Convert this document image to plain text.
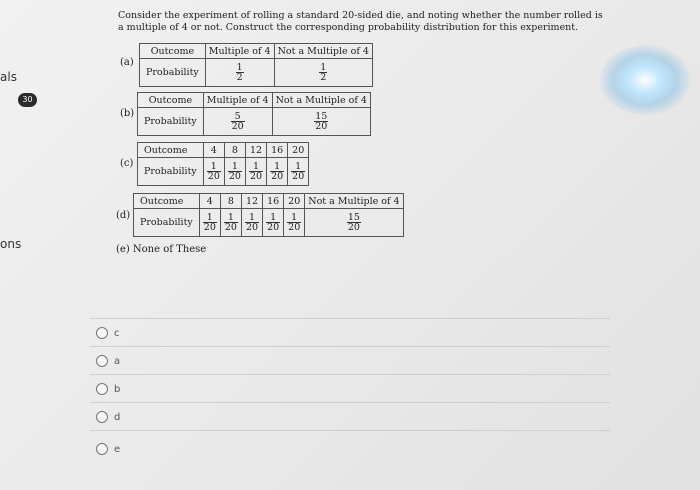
als
30
ons
Consider the experiment of rolling a standard 20-sided die, and noting whether the number rolled is a multiple of 4 or not. Construct the corresponding probability distribution for this experiment.
(a)
Outcome	Multiple of 4	Not a Multiple of 4
Probability	$\frac{1}{2}$	$\frac{1}{2}$
(b)
Outcome	Multiple of 4	Not a Multiple of 4
Probability	$\frac{5}{20}$	$\frac{15}{20}$
(c)
Outcome	4	8	12	16	20
Probability	$\frac{1}{20}$	$\frac{1}{20}$	$\frac{1}{20}$	$\frac{1}{20}$	$\frac{1}{20}$
(d)
Outcome	4	8	12	16	20	Not a Multiple of 4
Probability	$\frac{1}{20}$	$\frac{1}{20}$	$\frac{1}{20}$	$\frac{1}{20}$	$\frac{1}{20}$	$\frac{15}{20}$
(e) None of These
c
a
b
d
e
